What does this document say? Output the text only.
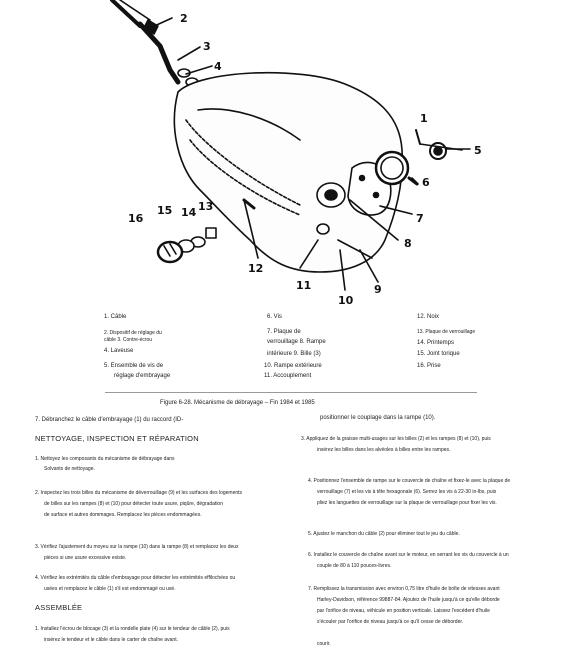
2
3
4
1
5
6
7
8
9
10
11
12
13
14
15
16
1. Câble
2. Dispositif de réglage du
câble 3. Contre-écrou
4. Laveuse
5. Ensemble de vis de
réglage d'embrayage
6. Vis
7. Plaque de
verrouillage 8. Rampe
intérieure 9. Bille (3)
10. Rampe extérieure
11. Accouplement
12. Noix
13. Plaque de verrouillage
14. Printemps
15. Joint torique
16. Prise
Figure 6-28. Mécanisme de débrayage – Fin 1984 et 1985
7. Débranchez le câble d'embrayage (1) du raccord (ID-
NETTOYAGE, INSPECTION ET RÉPARATION
1. Nettoyez les composants du mécanisme de débrayage dans
Solvants de nettoyage.
2. Inspectez les trois billes du mécanisme de déverrouillage (9) et les surfaces des logements
de billes sur les rampes (8) et (10) pour détecter toute usure, piqûre, dégradation
de surface et autres dommages. Remplacez les pièces endommagées.
3. Vérifiez l'ajustement du moyeu sur la rampe (10) dans la rampe (8) et remplacez les deux
pièces si une usure excessive existe.
4. Vérifiez les extrémités du câble d'embrayage pour détecter les extrémités effilochées ou
usées et remplacez le câble (1) s'il est endommagé ou usé.
ASSEMBLÉE
1. Installez l'écrou de blocage (3) et la rondelle plate (4) sur le tendeur de câble (2), puis
insérez le tendeur et le câble dans le carter de chaîne avant.
positionner le couplage dans la rampe (10).
3. Appliquez de la graisse multi-usages sur les billes (2) et les rampes (8) et (10), puis
insérez les billes dans les alvéoles à billes entre les rampes.
4. Positionnez l'ensemble de rampe sur le couvercle de chaîne et fixez-le avec la plaque de
verrouillage (7) et les vis à tête hexagonale (6). Serrez les vis à 22-30 in-lbs, puis
pliez les languettes de verrouillage sur la plaque de verrouillage pour fixer les vis.
5. Ajustez le manchon du câble (2) pour éliminer tout le jeu du câble.
6. Installez le couvercle de chaîne avant sur le moteur, en serrant les vis du couvercle à un
couple de 80 à 110 pouces-livres.
7. Remplissez la transmission avec environ 0,75 litre d'huile de boîte de vitesses avant
Harley-Davidson, référence 99887-84. Ajoutez de l'huile jusqu'à ce qu'elle déborde
par l'orifice de niveau, véhicule en position verticale. Laissez l'excédent d'huile
s'écouler par l'orifice de niveau jusqu'à ce qu'il cesse de déborder.
courir.
